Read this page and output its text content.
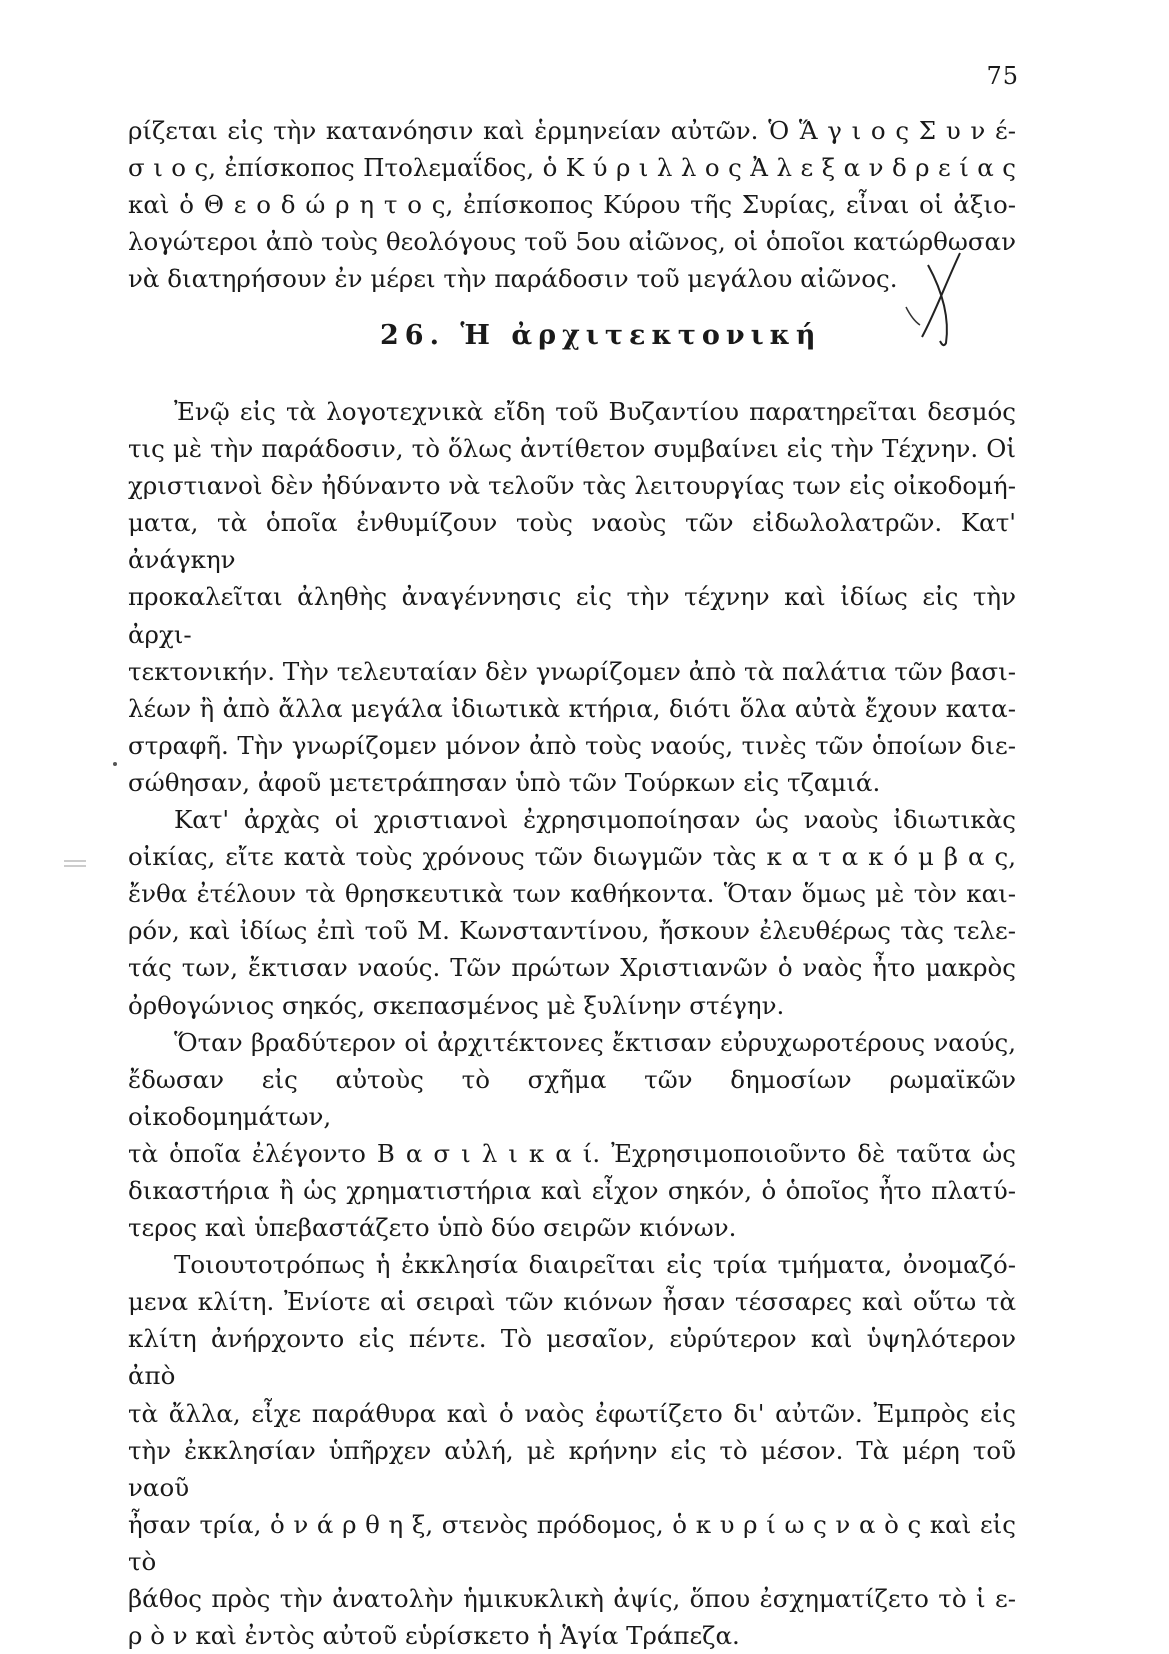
75

ρίζεται εἰς τὴν κατανόησιν καὶ ἑρμηνείαν αὐτῶν. Ὁ Ἅ γ ι ο ς Σ υ ν έ-

σ ι ο ς, ἐπίσκοπος Πτολεμαΐδος, ὁ Κ ύ ρ ι λ λ ο ς Ἀ λ ε ξ α ν δ ρ ε ί α ς

καὶ ὁ Θ ε ο δ ώ ρ η τ ο ς, ἐπίσκοπος Κύρου τῆς Συρίας, εἶναι οἱ ἀξιο-

λογώτεροι ἀπὸ τοὺς θεολόγους τοῦ 5ου αἰῶνος, οἱ ὁποῖοι κατώρθωσαν

νὰ διατηρήσουν ἐν μέρει τὴν παράδοσιν τοῦ μεγάλου αἰῶνος.

26. Ἡ ἀρχιτεκτονική

Ἐνῷ εἰς τὰ λογοτεχνικὰ εἴδη τοῦ Βυζαντίου παρατηρεῖται δεσμός

τις μὲ τὴν παράδοσιν, τὸ ὅλως ἀντίθετον συμβαίνει εἰς τὴν Τέχνην. Οἱ

χριστιανοὶ δὲν ἠδύναντο νὰ τελοῦν τὰς λειτουργίας των εἰς οἰκοδομή-

ματα, τὰ ὁποῖα ἐνθυμίζουν τοὺς ναοὺς τῶν εἰδωλολατρῶν. Κατ' ἀνάγκην

προκαλεῖται ἀληθὴς ἀναγέννησις εἰς τὴν τέχνην καὶ ἰδίως εἰς τὴν ἀρχι-

τεκτονικήν. Τὴν τελευταίαν δὲν γνωρίζομεν ἀπὸ τὰ παλάτια τῶν βασι-

λέων ἢ ἀπὸ ἄλλα μεγάλα ἰδιωτικὰ κτήρια, διότι ὅλα αὐτὰ ἔχουν κατα-

στραφῆ. Τὴν γνωρίζομεν μόνον ἀπὸ τοὺς ναούς, τινὲς τῶν ὁποίων διε-

σώθησαν, ἀφοῦ μετετράπησαν ὑπὸ τῶν Τούρκων εἰς τζαμιά.

Κατ' ἀρχὰς οἱ χριστιανοὶ ἐχρησιμοποίησαν ὡς ναοὺς ἰδιωτικὰς

οἰκίας, εἴτε κατὰ τοὺς χρόνους τῶν διωγμῶν τὰς κ α τ α κ ό μ β α ς,

ἔνθα ἐτέλουν τὰ θρησκευτικὰ των καθήκοντα. Ὅταν ὅμως μὲ τὸν και-

ρόν, καὶ ἰδίως ἐπὶ τοῦ Μ. Κωνσταντίνου, ἤσκουν ἐλευθέρως τὰς τελε-

τάς των, ἔκτισαν ναούς. Τῶν πρώτων Χριστιανῶν ὁ ναὸς ἦτο μακρὸς

ὀρθογώνιος σηκός, σκεπασμένος μὲ ξυλίνην στέγην.

Ὅταν βραδύτερον οἱ ἀρχιτέκτονες ἔκτισαν εὐρυχωροτέρους ναούς,

ἔδωσαν εἰς αὐτοὺς τὸ σχῆμα τῶν δημοσίων ρωμαϊκῶν οἰκοδομημάτων,

τὰ ὁποῖα ἐλέγοντο Β α σ ι λ ι κ α ί. Ἐχρησιμοποιοῦντο δὲ ταῦτα ὡς

δικαστήρια ἢ ὡς χρηματιστήρια καὶ εἶχον σηκόν, ὁ ὁποῖος ἦτο πλατύ-

τερος καὶ ὑπεβαστάζετο ὑπὸ δύο σειρῶν κιόνων.

Τοιουτοτρόπως ἡ ἐκκλησία διαιρεῖται εἰς τρία τμήματα, ὀνομαζό-

μενα κλίτη. Ἐνίοτε αἱ σειραὶ τῶν κιόνων ἦσαν τέσσαρες καὶ οὕτω τὰ

κλίτη ἀνήρχοντο εἰς πέντε. Τὸ μεσαῖον, εὐρύτερον καὶ ὑψηλότερον ἀπὸ

τὰ ἄλλα, εἶχε παράθυρα καὶ ὁ ναὸς ἐφωτίζετο δι' αὐτῶν. Ἐμπρὸς εἰς

τὴν ἐκκλησίαν ὑπῆρχεν αὐλή, μὲ κρήνην εἰς τὸ μέσον. Τὰ μέρη τοῦ ναοῦ

ἦσαν τρία, ὁ ν ά ρ θ η ξ, στενὸς πρόδομος, ὁ κ υ ρ ί ω ς ν α ὸ ς καὶ εἰς τὸ

βάθος πρὸς τὴν ἀνατολὴν ἡμικυκλικὴ ἀψίς, ὅπου ἐσχηματίζετο τὸ ἱ ε-

ρ ὸ ν καὶ ἐντὸς αὐτοῦ εὑρίσκετο ἡ Ἁγία Τράπεζα.
